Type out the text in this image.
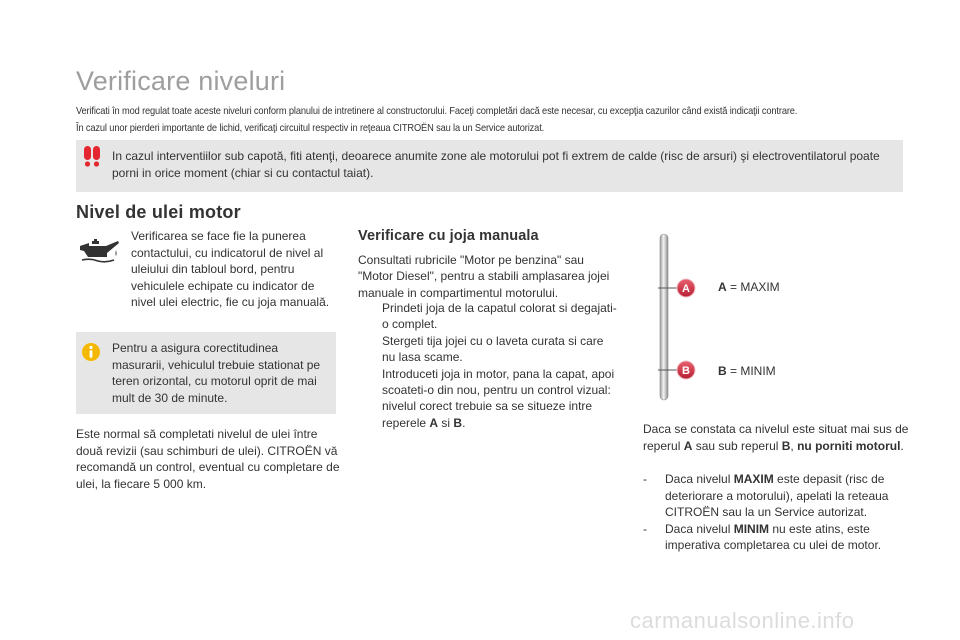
Verificare niveluri
Verificati în mod regulat toate aceste niveluri conform planului de intretinere al constructorului. Faceţi completări dacă este necesar, cu excepţia cazurilor când există indicaţii contrare.
În cazul unor pierderi importante de lichid, verificaţi circuitul respectiv in reţeaua CITROËN sau la un Service autorizat.
In cazul interventiilor sub capotă, fiti atenţi, deoarece anumite zone ale motorului pot fi extrem de calde (risc de arsuri) şi electroventilatorul poate porni in orice moment (chiar si cu contactul taiat).
Nivel de ulei motor
Verificarea se face fie la punerea contactului, cu indicatorul de nivel al uleiului din tabloul bord, pentru vehiculele echipate cu indicator de nivel ulei electric, fie cu joja manuală.
Pentru a asigura corectitudinea masurarii, vehiculul trebuie stationat pe teren orizontal, cu motorul oprit de mai mult de 30 de minute.
Este normal să completati nivelul de ulei între două revizii (sau schimburi de ulei). CITROËN vă recomandă un control, eventual cu completare de ulei, la fiecare 5 000 km.
Verificare cu joja manuala
Consultati rubricile "Motor pe benzina" sau "Motor Diesel", pentru a stabili amplasarea jojei manuale in compartimentul motorului.
Prindeti joja de la capatul colorat si degajati-o complet.
Stergeti tija jojei cu o laveta curata si care nu lasa scame.
Introduceti joja in motor, pana la capat, apoi scoateti-o din nou, pentru un control vizual: nivelul corect trebuie sa se situeze intre reperele A si B.
A
B
A = MAXIM
B = MINIM
Daca se constata ca nivelul este situat mai sus de reperul A sau sub reperul B, nu porniti motorul.
- Daca nivelul MAXIM este depasit (risc de deteriorare a motorului), apelati la reteaua CITROËN sau la un Service autorizat.
- Daca nivelul MINIM nu este atins, este imperativa completarea cu ulei de motor.
carmanualsonline.info
